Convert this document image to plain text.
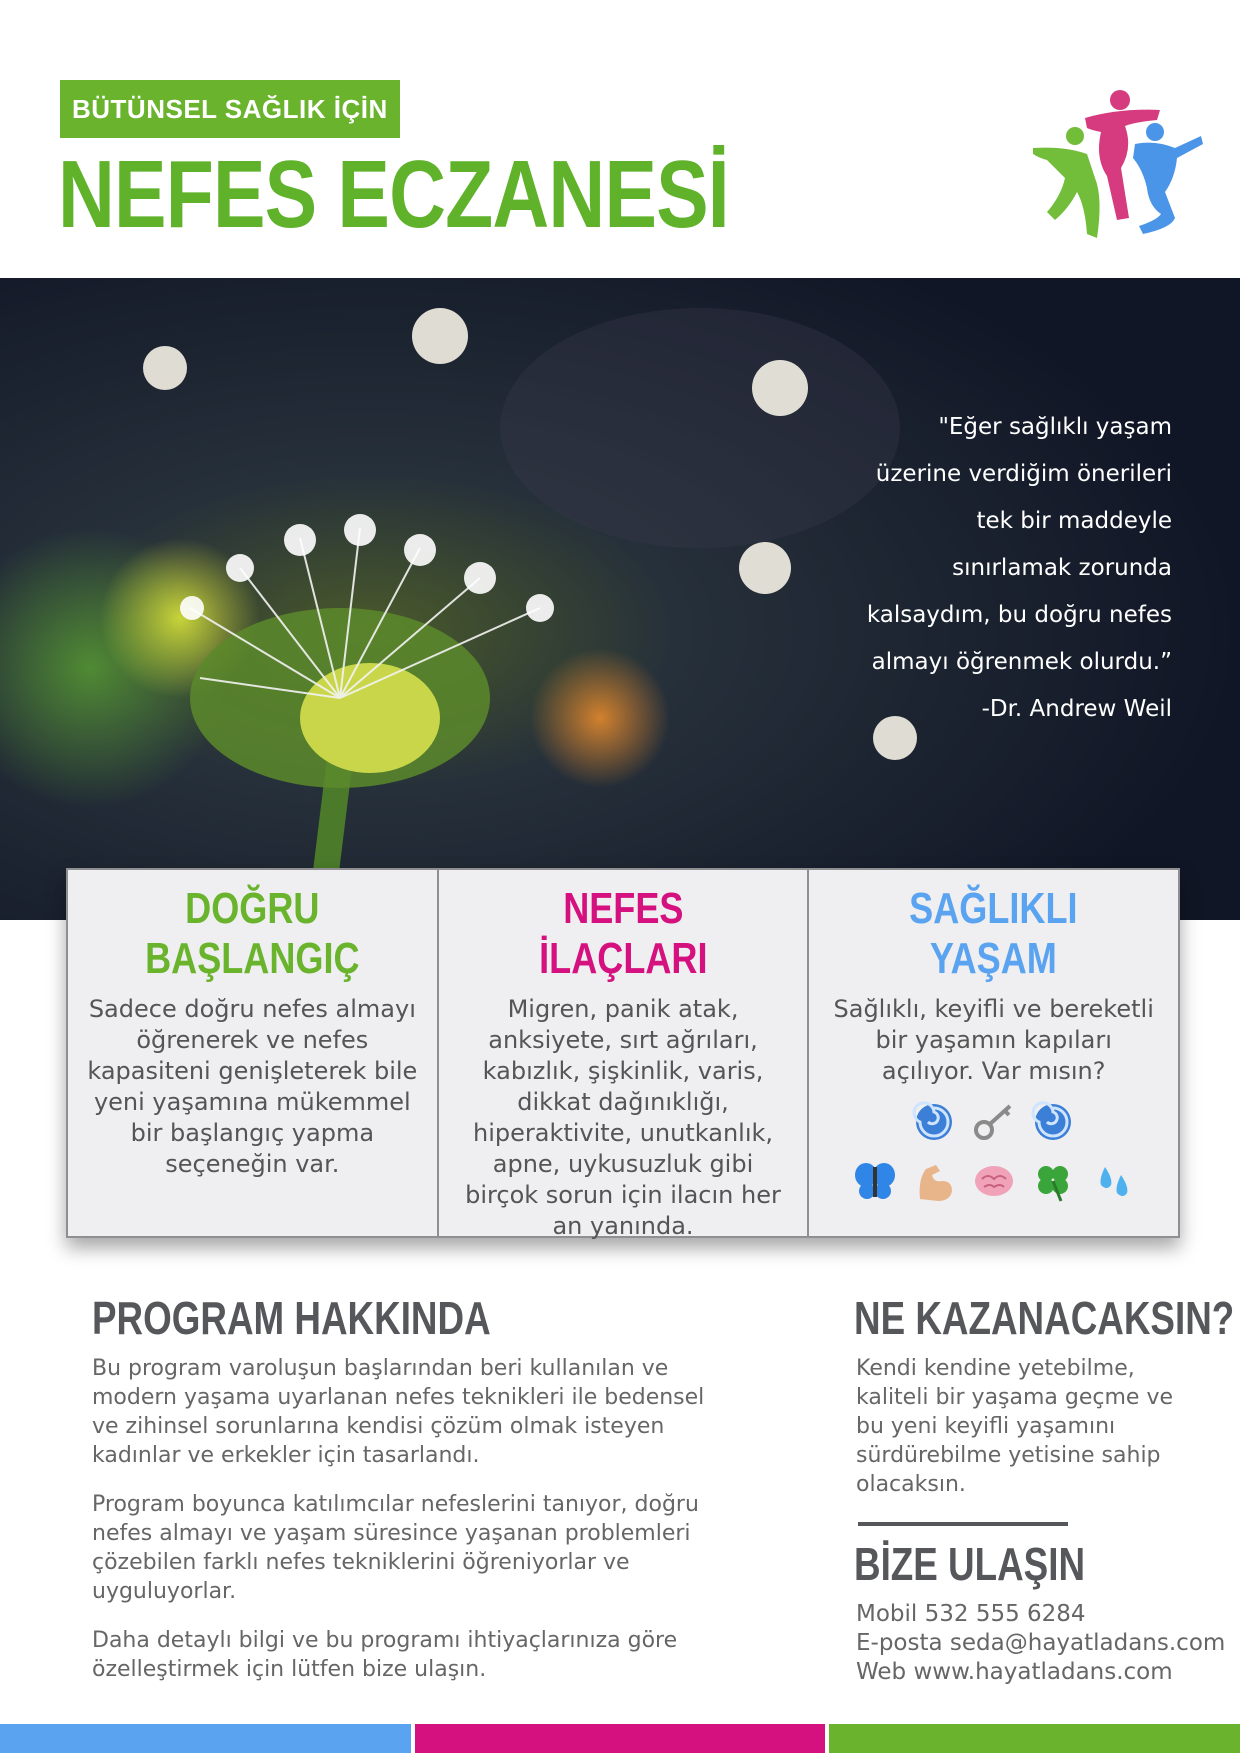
BÜTÜNSEL SAĞLIK İÇİN
NEFES ECZANESİ
"Eğer sağlıklı yaşam
üzerine verdiğim önerileri
tek bir maddeyle
sınırlamak zorunda
kalsaydım, bu doğru nefes
almayı öğrenmek olurdu.”
-Dr. Andrew Weil
DOĞRU
BAŞLANGIÇ

Sadece doğru nefes almayı öğrenerek ve nefes kapasiteni genişleterek bile yeni yaşamına mükemmel bir başlangıç yapma seçeneğin var.

NEFES
İLAÇLARI

Migren, panik atak, anksiyete, sırt ağrıları, kabızlık, şişkinlik, varis, dikkat dağınıklığı, hiperaktivite, unutkanlık, apne, uykusuzluk gibi birçok sorun için ilacın her an yanında.

SAĞLIKLI
YAŞAM

Sağlıklı, keyifli ve bereketli bir yaşamın kapıları açılıyor. Var mısın?

PROGRAM HAKKINDA

Bu program varoluşun başlarından beri kullanılan ve modern yaşama uyarlanan nefes teknikleri ile bedensel ve zihinsel sorunlarına kendisi çözüm olmak isteyen kadınlar ve erkekler için tasarlandı.

Program boyunca katılımcılar nefeslerini tanıyor, doğru nefes almayı ve yaşam süresince yaşanan problemleri çözebilen farklı nefes tekniklerini öğreniyorlar ve uyguluyorlar.

Daha detaylı bilgi ve bu programı ihtiyaçlarınıza göre özelleştirmek için lütfen bize ulaşın.

NE KAZANACAKSIN?

Kendi kendine yetebilme, kaliteli bir yaşama geçme ve bu yeni keyifli yaşamını sürdürebilme yetisine sahip olacaksın.

BİZE ULAŞIN
Mobil 532 555 6284
E-posta seda@hayatladans.com
Web www.hayatladans.com
